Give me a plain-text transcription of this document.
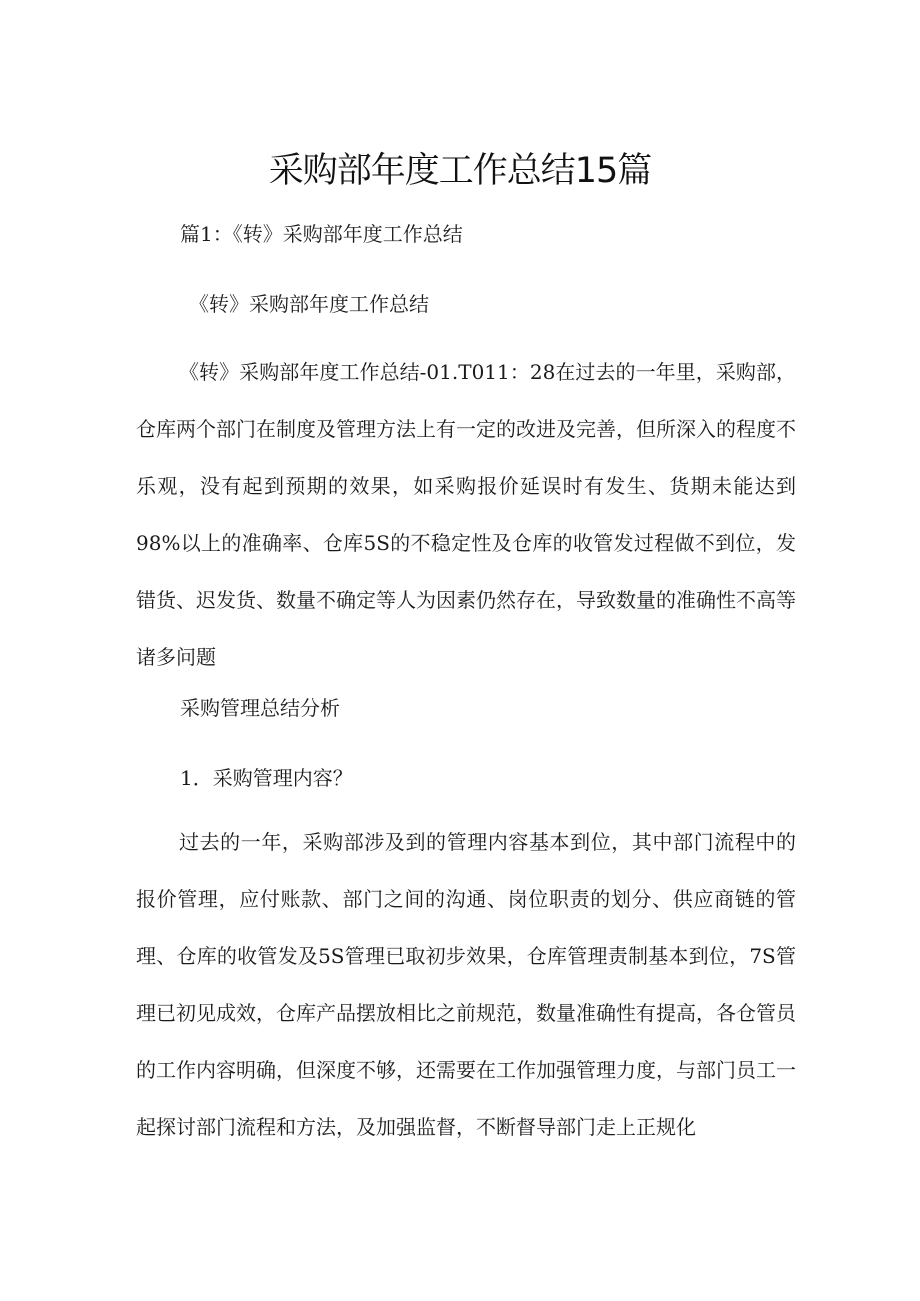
采购部年度工作总结15篇
篇1：《转》采购部年度工作总结
《转》采购部年度工作总结
《转》采购部年度工作总结-01.T011：28在过去的一年里，采购部，仓库两个部门在制度及管理方法上有一定的改进及完善，但所深入的程度不乐观，没有起到预期的效果，如采购报价延误时有发生、货期未能达到98%以上的准确率、仓库5S的不稳定性及仓库的收管发过程做不到位，发错货、迟发货、数量不确定等人为因素仍然存在，导致数量的准确性不高等诸多问题
采购管理总结分析
1．采购管理内容？
过去的一年，采购部涉及到的管理内容基本到位，其中部门流程中的报价管理，应付账款、部门之间的沟通、岗位职责的划分、供应商链的管理、仓库的收管发及5S管理已取初步效果，仓库管理责制基本到位，7S管理已初见成效，仓库产品摆放相比之前规范，数量准确性有提高，各仓管员的工作内容明确，但深度不够，还需要在工作加强管理力度，与部门员工一起探讨部门流程和方法，及加强监督，不断督导部门走上正规化
